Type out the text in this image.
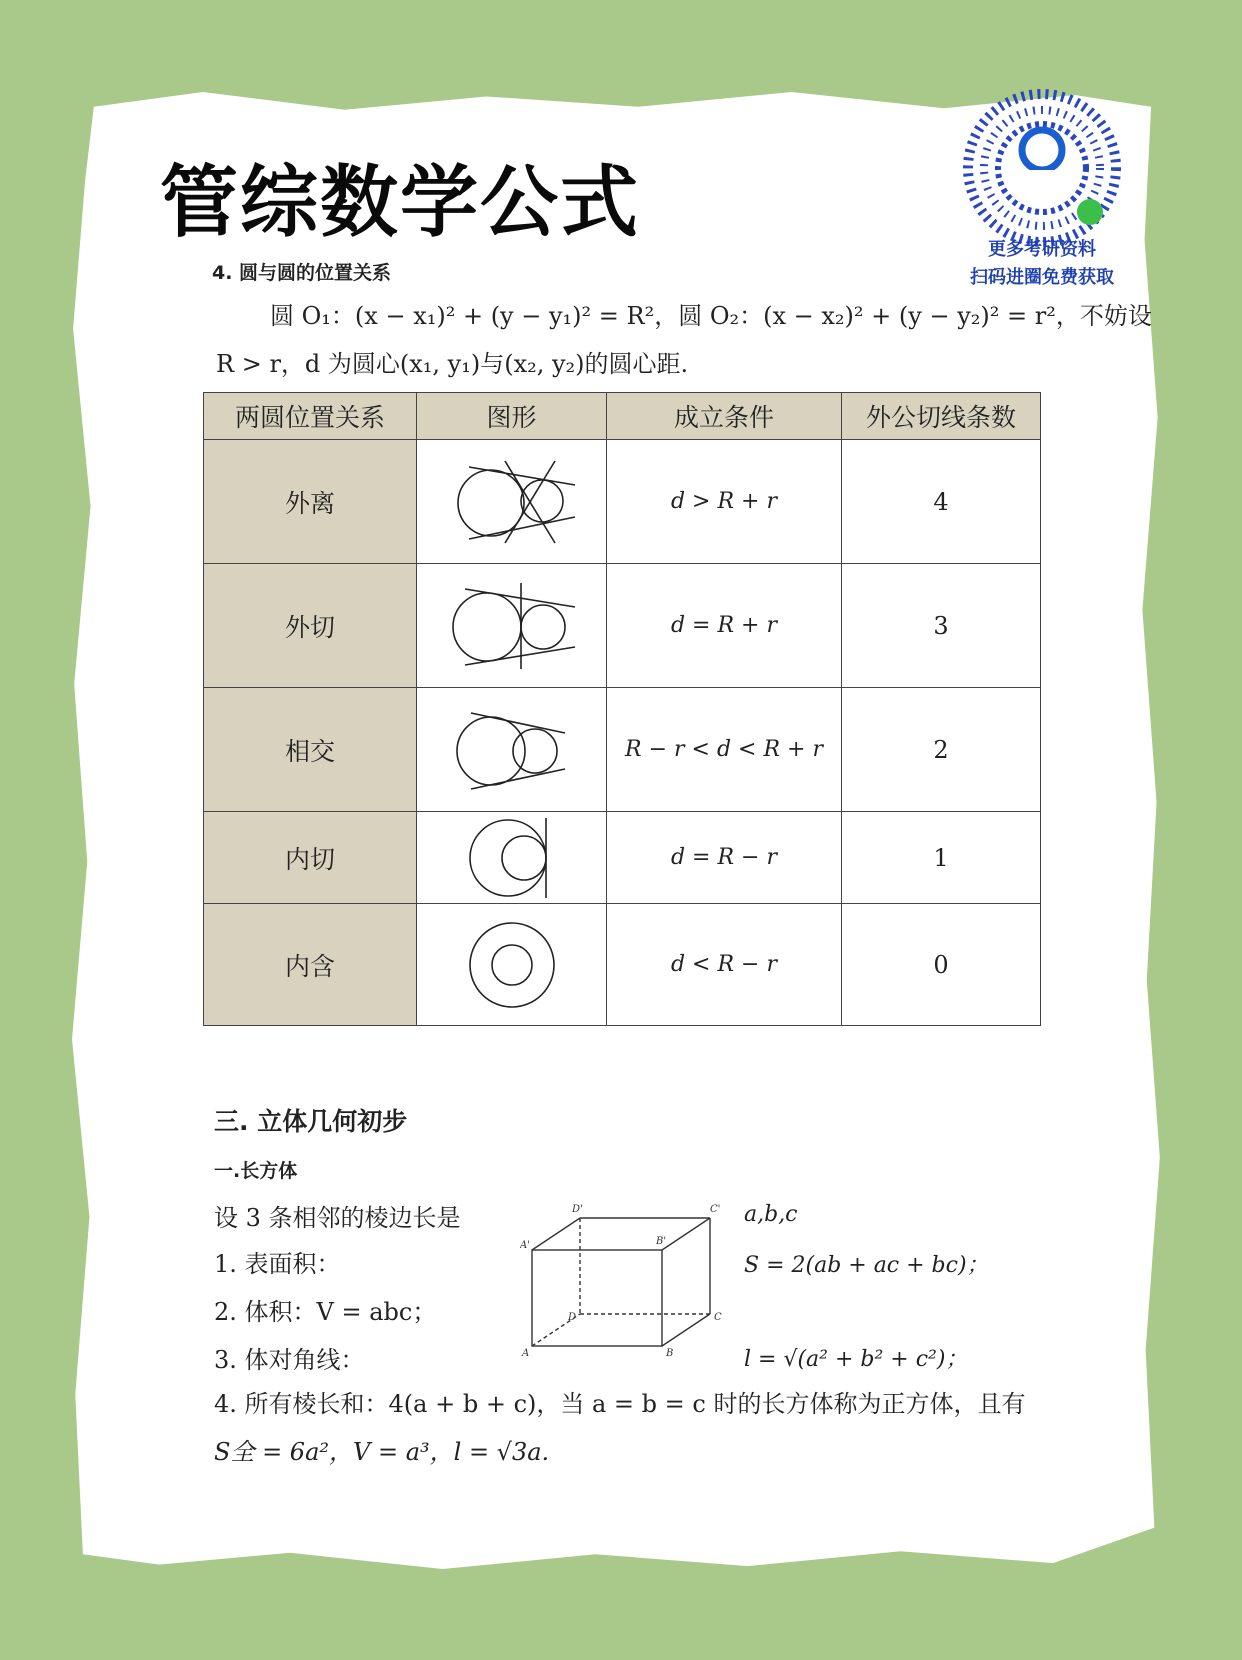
管综数学公式
更多考研资料
扫码进圈免费获取
4. 圆与圆的位置关系
圆 O₁：(x − x₁)² + (y − y₁)² = R²，圆 O₂：(x − x₂)² + (y − y₂)² = r²，不妨设
R > r，d 为圆心(x₁, y₁)与(x₂, y₂)的圆心距.
两圆位置关系	图形	成立条件	外公切线条数
外离		d > R + r	4
外切		d = R + r	3
相交		R − r < d < R + r	2
内切		d = R − r	1
内含		d < R − r	0
三. 立体几何初步
一.长方体
设 3 条相邻的棱边长是	a,b,c
1. 表面积：	S = 2(ab + ac + bc)；
2. 体积：V = abc；
3. 体对角线：	l = √(a² + b² + c²)；
4. 所有棱长和：4(a + b + c)，当 a = b = c 时的长方体称为正方体，且有
S全 = 6a²，V = a³，l = √3a.
D'	C'
A'	B'
D	C
A	B
